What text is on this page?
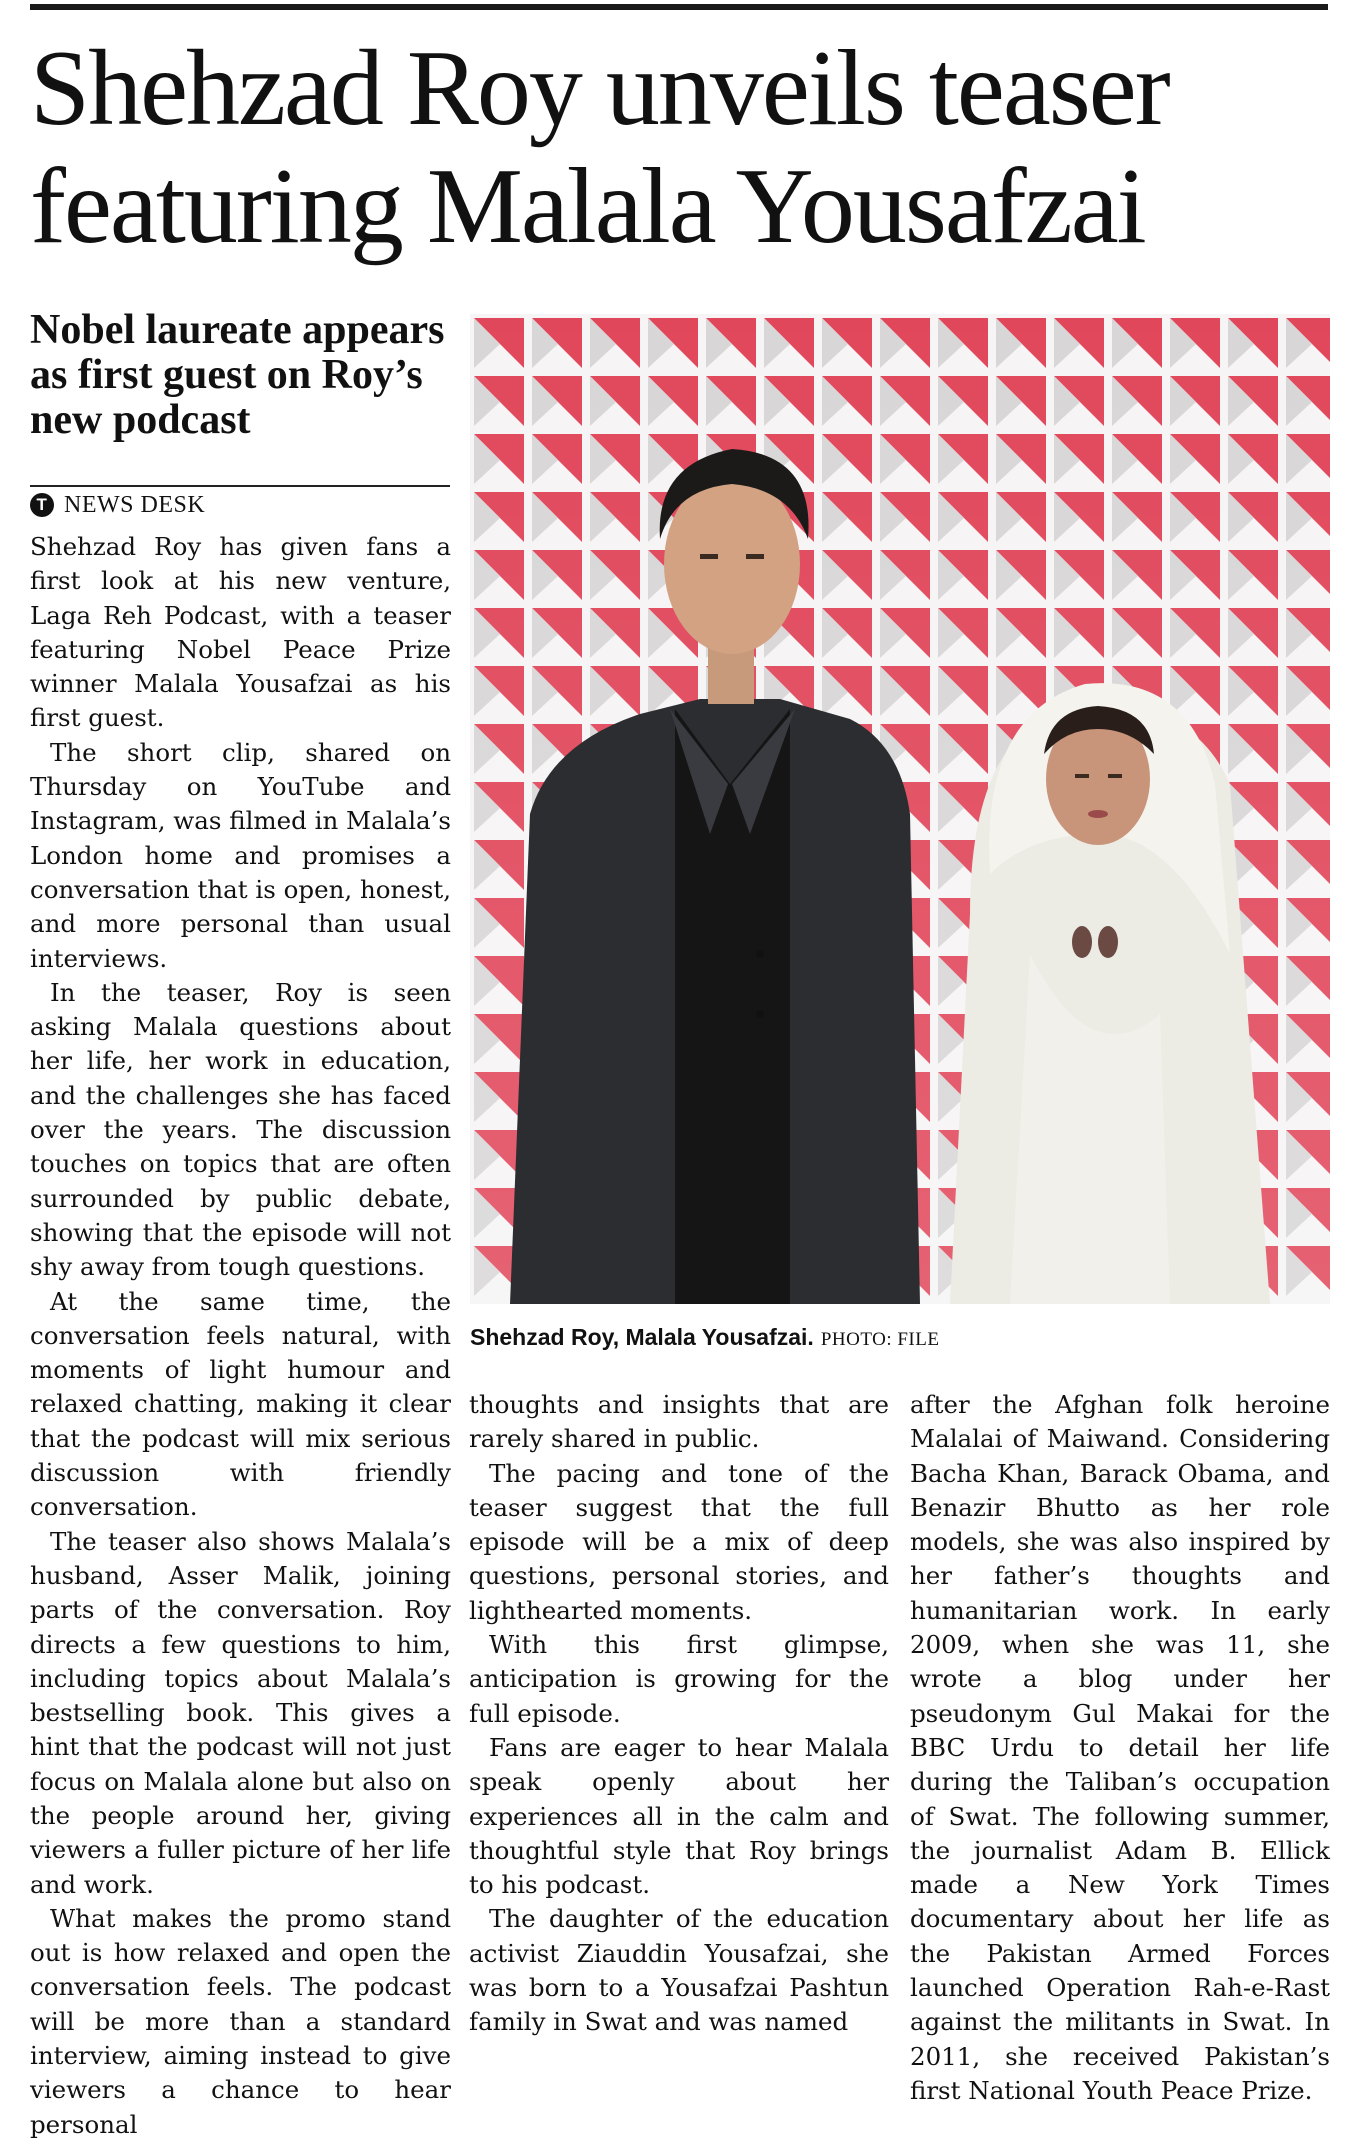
Shehzad Roy unveils teaser featuring Malala Yousafzai
Nobel laureate appears as first guest on Roy’s new podcast
T NEWS DESK

Shehzad Roy has given fans a first look at his new venture, Laga Reh Podcast, with a teaser featuring Nobel Peace Prize winner Malala Yousafzai as his first guest.

The short clip, shared on Thursday on YouTube and Instagram, was filmed in Malala’s London home and promises a conversation that is open, honest, and more personal than usual interviews.

In the teaser, Roy is seen asking Malala questions about her life, her work in education, and the challenges she has faced over the years. The discussion touches on topics that are often surrounded by public debate, showing that the episode will not shy away from tough questions.

At the same time, the conversation feels natural, with moments of light humour and relaxed chatting, making it clear that the podcast will mix serious discussion with friendly conversation.

The teaser also shows Malala’s husband, Asser Malik, joining parts of the conversation. Roy directs a few questions to him, including topics about Malala’s bestselling book. This gives a hint that the podcast will not just focus on Malala alone but also on the people around her, giving viewers a fuller picture of her life and work.

What makes the promo stand out is how relaxed and open the conversation feels. The podcast will be more than a standard interview, aiming instead to give viewers a chance to hear personal

Shehzad Roy, Malala Yousafzai. PHOTO: FILE

thoughts and insights that are rarely shared in public.

The pacing and tone of the teaser suggest that the full episode will be a mix of deep questions, personal stories, and lighthearted moments.

With this first glimpse, anticipation is growing for the full episode.

Fans are eager to hear Malala speak openly about her experiences all in the calm and thoughtful style that Roy brings to his podcast.

The daughter of the education activist Ziauddin Yousafzai, she was born to a Yousafzai Pashtun family in Swat and was named

after the Afghan folk heroine Malalai of Maiwand. Considering Bacha Khan, Barack Obama, and Benazir Bhutto as her role models, she was also inspired by her father’s thoughts and humanitarian work. In early 2009, when she was 11, she wrote a blog under her pseudonym Gul Makai for the BBC Urdu to detail her life during the Taliban’s occupation of Swat. The following summer, the journalist Adam B. Ellick made a New York Times documentary about her life as the Pakistan Armed Forces launched Operation Rah-e-Rast against the militants in Swat. In 2011, she received Pakistan’s first National Youth Peace Prize.
